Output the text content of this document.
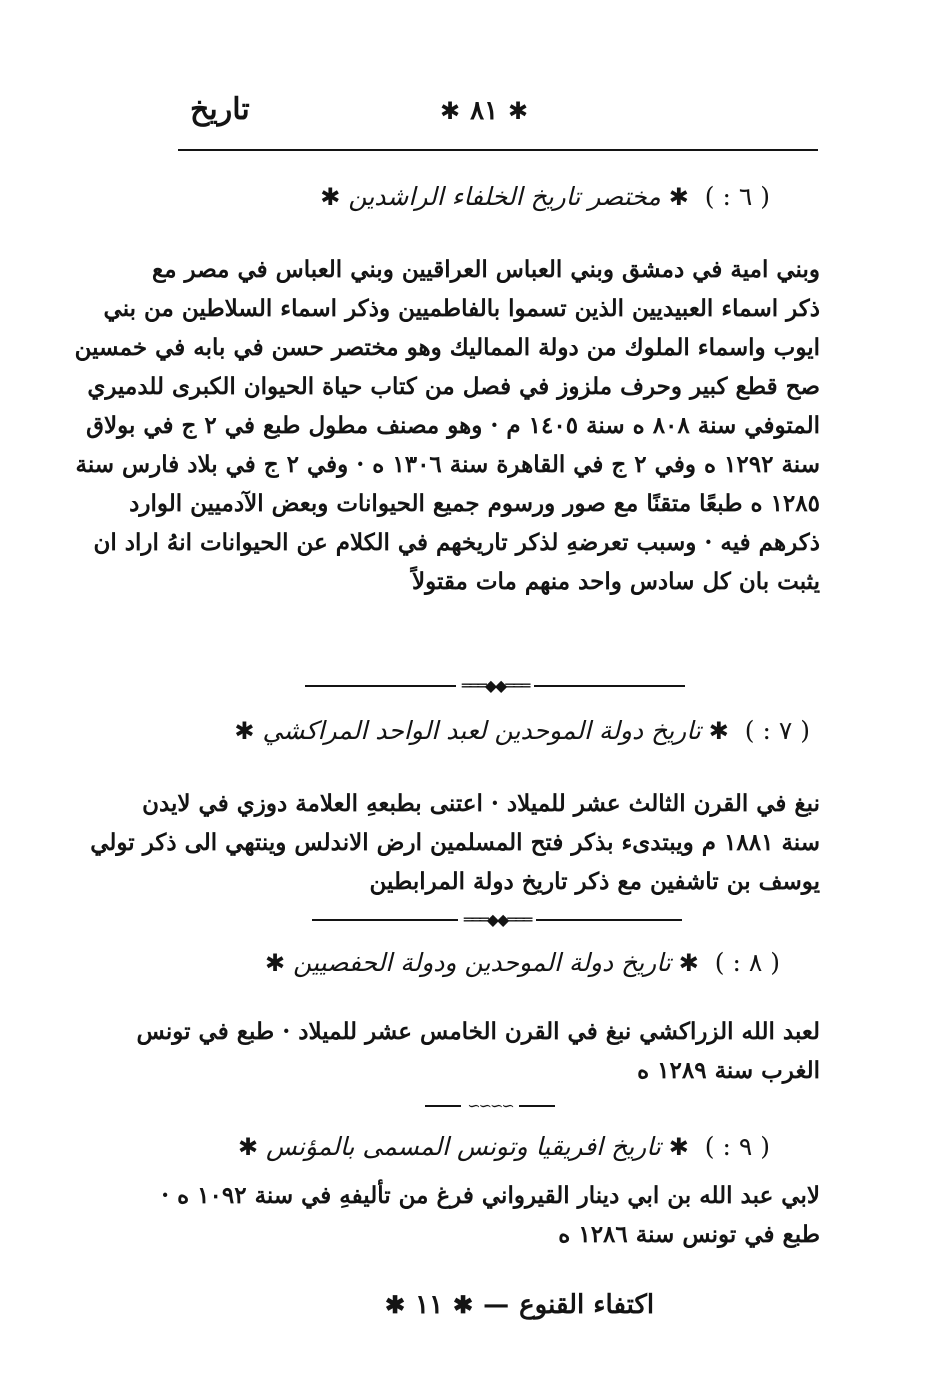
تاريخ	✱ ٨١ ✱
( ٦ : )  ✱ مختصر تاريخ الخلفاء الراشدين ✱
وبني امية في دمشق وبني العباس العراقيين وبني العباس في مصر مع
ذكر اسماء العبيديين الذين تسموا بالفاطميين وذكر اسماء السلاطين من بني
ايوب واسماء الملوك من دولة المماليك وهو مختصر حسن في بابه في خمسين
صح قطع كبير وحرف ملزوز في فصل من كتاب حياة الحيوان الكبرى للدميري
المتوفي سنة ٨٠٨ ه سنة ١٤٠٥ م · وهو مصنف مطول طبع في ٢ ج في بولاق
سنة ١٢٩٢ ه وفي ٢ ج في القاهرة سنة ١٣٠٦ ه · وفي ٢ ج في بلاد فارس سنة
١٢٨٥ ه طبعًا متقنًا مع صور ورسوم جميع الحيوانات وبعض الآدميين الوارد
ذكرهم فيه · وسبب تعرضهِ لذكر تاريخهم في الكلام عن الحيوانات انهُ اراد ان
يثبت بان كل سادس واحد منهم مات مقتولاً
═══◆◆═══
( ٧ : )  ✱ تاريخ دولة الموحدين لعبد الواحد المراكشي ✱
نبغ في القرن الثالث عشر للميلاد · اعتنى بطبعهِ العلامة دوزي في لايدن
سنة ١٨٨١ م ويبتدىء بذكر فتح المسلمين ارض الاندلس وينتهي الى ذكر تولي
يوسف بن تاشفين مع ذكر تاريخ دولة المرابطين
═══◆◆═══
( ٨ : )  ✱ تاريخ دولة الموحدين ودولة الحفصيين ✱
لعبد الله الزراكشي نبغ في القرن الخامس عشر للميلاد · طبع في تونس
الغرب سنة ١٢٨٩ ه
∽∽∽∽
( ٩ : )  ✱ تاريخ افريقيا وتونس المسمى بالمؤنس ✱
لابي عبد الله بن ابي دينار القيرواني فرغ من تأليفهِ في سنة ١٠٩٢ ه ·
طبع في تونس سنة ١٢٨٦ ه
اكتفاء القنوع
—
✱
١١
✱
